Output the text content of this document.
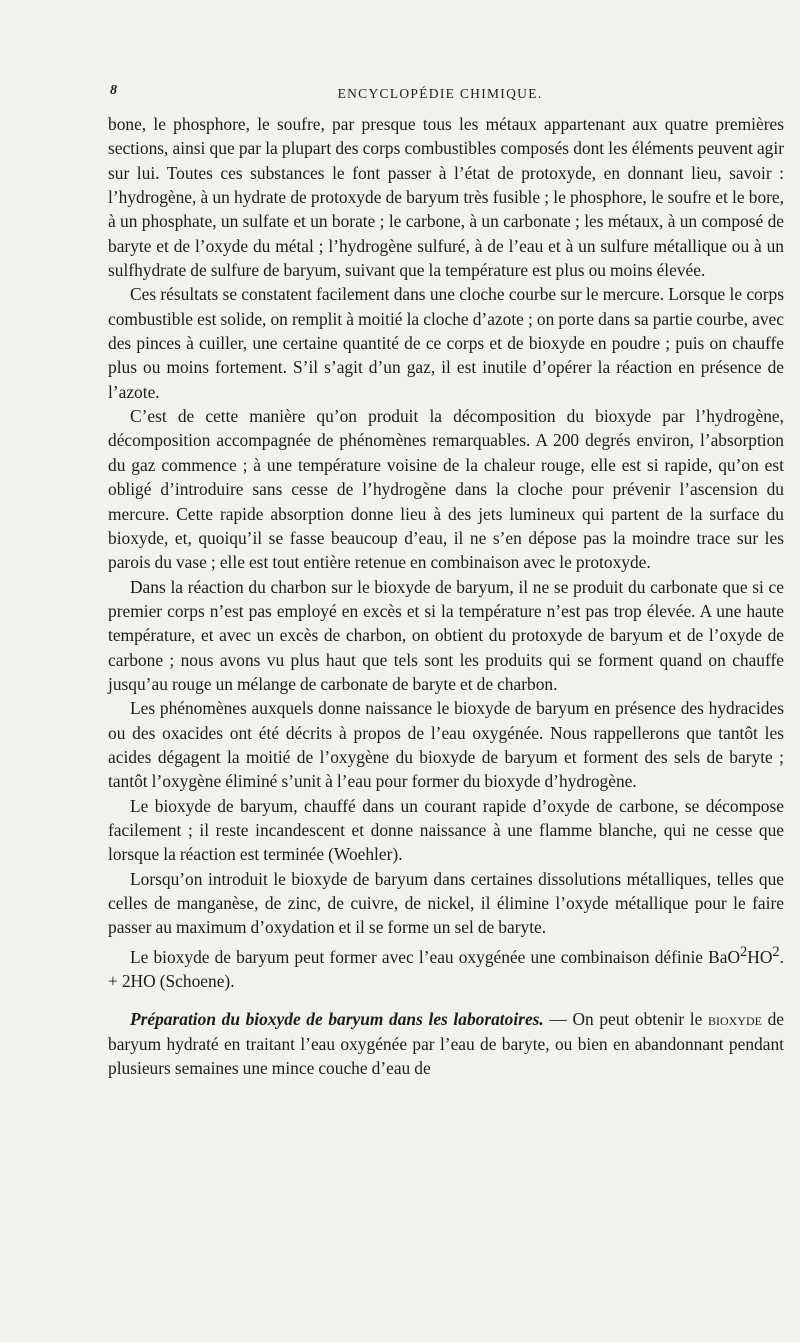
8	ENCYCLOPÉDIE CHIMIQUE.

bone, le phosphore, le soufre, par presque tous les métaux appartenant aux quatre premières sections, ainsi que par la plupart des corps combustibles composés dont les éléments peuvent agir sur lui. Toutes ces substances le font passer à l’état de protoxyde, en donnant lieu, savoir : l’hydrogène, à un hydrate de protoxyde de baryum très fusible ; le phosphore, le soufre et le bore, à un phosphate, un sulfate et un borate ; le carbone, à un carbonate ; les métaux, à un composé de baryte et de l’oxyde du métal ; l’hydrogène sulfuré, à de l’eau et à un sulfure métallique ou à un sulfhydrate de sulfure de baryum, suivant que la température est plus ou moins élevée.

Ces résultats se constatent facilement dans une cloche courbe sur le mercure. Lorsque le corps combustible est solide, on remplit à moitié la cloche d’azote ; on porte dans sa partie courbe, avec des pinces à cuiller, une certaine quantité de ce corps et de bioxyde en poudre ; puis on chauffe plus ou moins fortement. S’il s’agit d’un gaz, il est inutile d’opérer la réaction en présence de l’azote.

C’est de cette manière qu’on produit la décomposition du bioxyde par l’hydrogène, décomposition accompagnée de phénomènes remarquables. A 200 degrés environ, l’absorption du gaz commence ; à une température voisine de la chaleur rouge, elle est si rapide, qu’on est obligé d’introduire sans cesse de l’hydrogène dans la cloche pour prévenir l’ascension du mercure. Cette rapide absorption donne lieu à des jets lumineux qui partent de la surface du bioxyde, et, quoiqu’il se fasse beaucoup d’eau, il ne s’en dépose pas la moindre trace sur les parois du vase ; elle est tout entière retenue en combinaison avec le protoxyde.

Dans la réaction du charbon sur le bioxyde de baryum, il ne se produit du carbonate que si ce premier corps n’est pas employé en excès et si la température n’est pas trop élevée. A une haute température, et avec un excès de charbon, on obtient du protoxyde de baryum et de l’oxyde de carbone ; nous avons vu plus haut que tels sont les produits qui se forment quand on chauffe jusqu’au rouge un mélange de carbonate de baryte et de charbon.

Les phénomènes auxquels donne naissance le bioxyde de baryum en présence des hydracides ou des oxacides ont été décrits à propos de l’eau oxygénée. Nous rappellerons que tantôt les acides dégagent la moitié de l’oxygène du bioxyde de baryum et forment des sels de baryte ; tantôt l’oxygène éliminé s’unit à l’eau pour former du bioxyde d’hydrogène.

Le bioxyde de baryum, chauffé dans un courant rapide d’oxyde de carbone, se décompose facilement ; il reste incandescent et donne naissance à une flamme blanche, qui ne cesse que lorsque la réaction est terminée (Woehler).

Lorsqu’on introduit le bioxyde de baryum dans certaines dissolutions métalliques, telles que celles de manganèse, de zinc, de cuivre, de nickel, il élimine l’oxyde métallique pour le faire passer au maximum d’oxydation et il se forme un sel de baryte.

Le bioxyde de baryum peut former avec l’eau oxygénée une combinaison définie $BaO^2HO^2$. + 2HO (Schoene).

Préparation du bioxyde de baryum dans les laboratoires. — On peut obtenir le bioxyde de baryum hydraté en traitant l’eau oxygénée par l’eau de baryte, ou bien en abandonnant pendant plusieurs semaines une mince couche d’eau de
